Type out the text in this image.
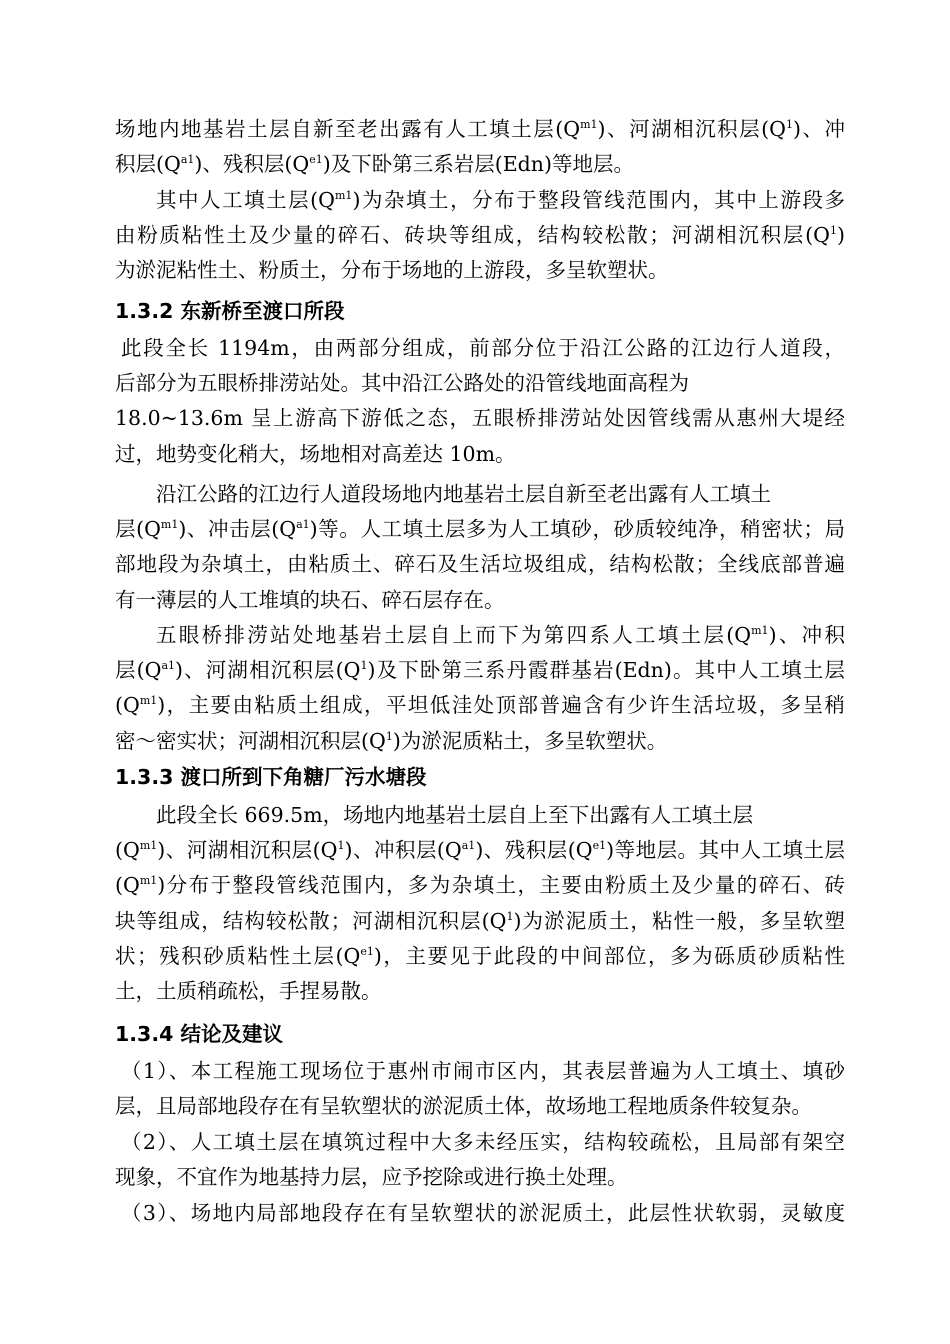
场地内地基岩土层自新至老出露有人工填土层$(Q^{m1})$、河湖相沉积层$(Q^1)$、冲
积层$(Q^{a1})$、残积层$(Q^{e1})$及下卧第三系岩层(Edn)等地层。
其中人工填土层$(Q^{m1})$为杂填土，分布于整段管线范围内，其中上游段多
由粉质粘性土及少量的碎石、砖块等组成，结构较松散；河湖相沉积层$(Q^1)$
为淤泥粘性土、粉质土，分布于场地的上游段，多呈软塑状。
1.3.2 东新桥至渡口所段
此段全长 1194m，由两部分组成，前部分位于沿江公路的江边行人道段，
后部分为五眼桥排涝站处。其中沿江公路处的沿管线地面高程为
18.0~13.6m 呈上游高下游低之态，五眼桥排涝站处因管线需从惠州大堤经
过，地势变化稍大，场地相对高差达 10m。
沿江公路的江边行人道段场地内地基岩土层自新至老出露有人工填土
层$(Q^{m1})$、冲击层$(Q^{a1})$等。人工填土层多为人工填砂，砂质较纯净，稍密状；局
部地段为杂填土，由粘质土、碎石及生活垃圾组成，结构松散；全线底部普遍
有一薄层的人工堆填的块石、碎石层存在。
五眼桥排涝站处地基岩土层自上而下为第四系人工填土层$(Q^{m1})$、冲积
层$(Q^{a1})$、河湖相沉积层$(Q^1)$及下卧第三系丹霞群基岩(Edn)。其中人工填土层
$(Q^{m1})$，主要由粘质土组成，平坦低洼处顶部普遍含有少许生活垃圾，多呈稍
密～密实状；河湖相沉积层$(Q^1)$为淤泥质粘土，多呈软塑状。
1.3.3 渡口所到下角糖厂污水塘段
此段全长 669.5m，场地内地基岩土层自上至下出露有人工填土层
$(Q^{m1})$、河湖相沉积层$(Q^1)$、冲积层$(Q^{a1})$、残积层$(Q^{e1})$等地层。其中人工填土层
$(Q^{m1})$分布于整段管线范围内，多为杂填土，主要由粉质土及少量的碎石、砖
块等组成，结构较松散；河湖相沉积层$(Q^1)$为淤泥质土，粘性一般，多呈软塑
状；残积砂质粘性土层$(Q^{e1})$，主要见于此段的中间部位，多为砾质砂质粘性
土，土质稍疏松，手捏易散。
1.3.4 结论及建议
（1）、本工程施工现场位于惠州市闹市区内，其表层普遍为人工填土、填砂
层，且局部地段存在有呈软塑状的淤泥质土体，故场地工程地质条件较复杂。
（2）、人工填土层在填筑过程中大多未经压实，结构较疏松，且局部有架空
现象，不宜作为地基持力层，应予挖除或进行换土处理。
（3）、场地内局部地段存在有呈软塑状的淤泥质土，此层性状软弱，灵敏度
